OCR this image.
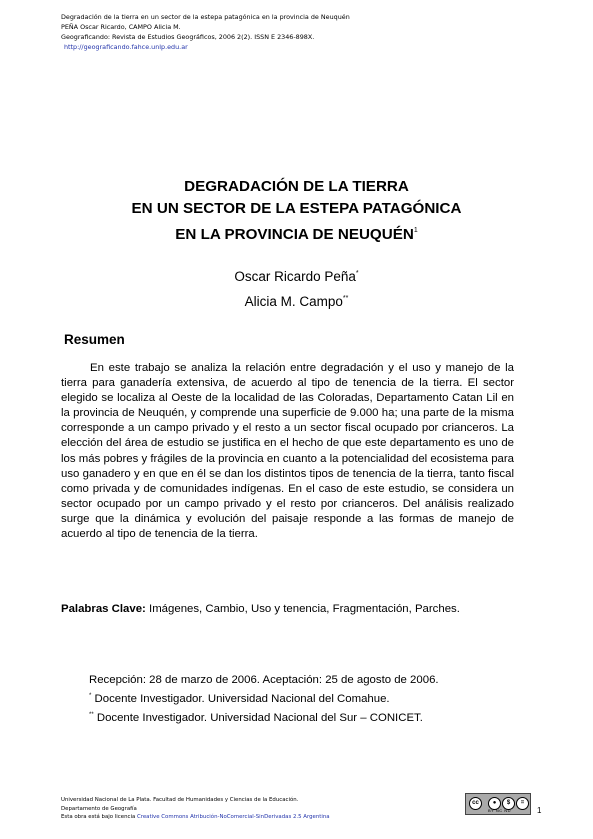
Degradación de la tierra en un sector de la estepa patagónica en la provincia de Neuquén
PEÑA Oscar Ricardo, CAMPO Alicia M.
Geograficando: Revista de Estudios Geográficos, 2006 2(2). ISSN E 2346-898X.
http://geograficando.fahce.unlp.edu.ar
DEGRADACIÓN DE LA TIERRA
EN UN SECTOR DE LA ESTEPA PATAGÓNICA
EN LA PROVINCIA DE NEUQUÉN$^1$
Oscar Ricardo Peña*
Alicia M. Campo**
Resumen

En este trabajo se analiza la relación entre degradación y el uso y manejo de la tierra para ganadería extensiva, de acuerdo al tipo de tenencia de la tierra. El sector elegido se localiza al Oeste de la localidad de las Coloradas, Departamento Catan Lil en la provincia de Neuquén, y comprende una superficie de 9.000 ha; una parte de la misma corresponde a un campo privado y el resto a un sector fiscal ocupado por crianceros. La elección del área de estudio se justifica en el hecho de que este departamento es uno de los más pobres y frágiles de la provincia en cuanto a la potencialidad del ecosistema para uso ganadero y en que en él se dan los distintos tipos de tenencia de la tierra, tanto fiscal como privada y de comunidades indígenas. En el caso de este estudio, se considera un sector ocupado por un campo privado y el resto por crianceros. Del análisis realizado surge que la dinámica y evolución del paisaje responde a las formas de manejo de acuerdo al tipo de tenencia de la tierra.

Palabras Clave: Imágenes, Cambio, Uso y tenencia, Fragmentación, Parches.

Recepción: 28 de marzo de 2006. Aceptación: 25 de agosto de 2006.
* Docente Investigador. Universidad Nacional del Comahue.
** Docente Investigador. Universidad Nacional del Sur – CONICET.
Universidad Nacional de La Plata. Facultad de Humanidades y Ciencias de la Educación.
Departamento de Geografía
Esta obra está bajo licencia Creative Commons Atribución-NoComercial-SinDerivadas 2.5 Argentina
cc	●	$	=
BY NC ND	1
